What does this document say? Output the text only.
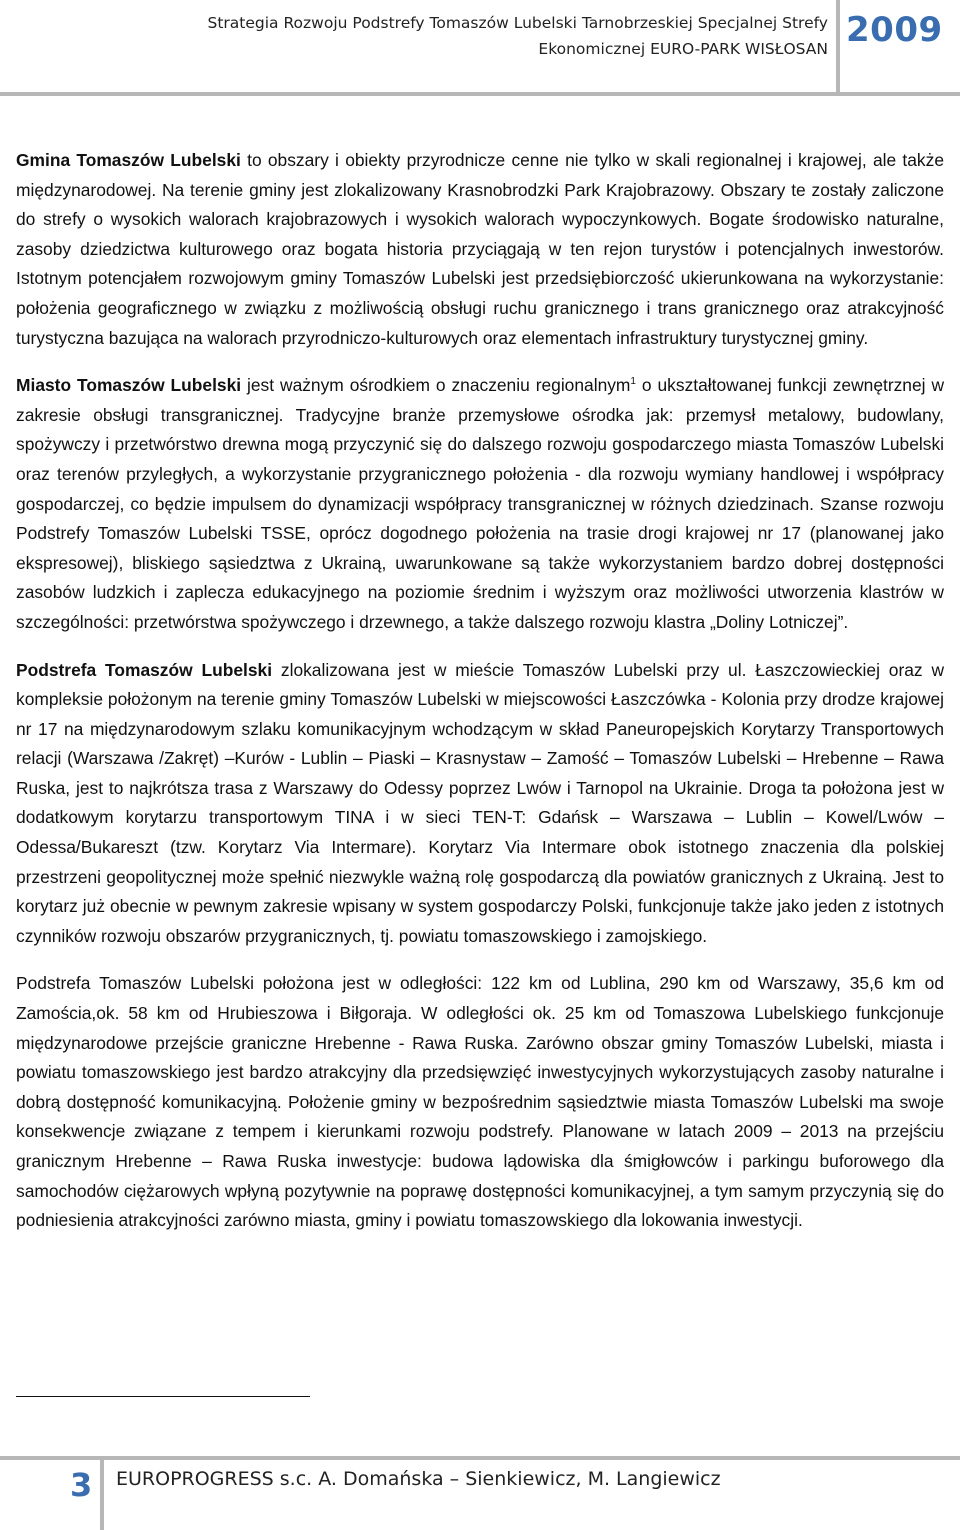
Strategia Rozwoju Podstrefy Tomaszów Lubelski Tarnobrzeskiej Specjalnej Strefy
Ekonomicznej EURO-PARK WISŁOSAN 2009

Gmina Tomaszów Lubelski to obszary i obiekty przyrodnicze cenne nie tylko w skali regionalnej i krajowej, ale także międzynarodowej. Na terenie gminy jest zlokalizowany Krasnobrodzki Park Krajobrazowy. Obszary te zostały zaliczone do strefy o wysokich walorach krajobrazowych i wysokich walorach wypoczynkowych. Bogate środowisko naturalne, zasoby dziedzictwa kulturowego oraz bogata historia przyciągają w ten rejon turystów i potencjalnych inwestorów. Istotnym potencjałem rozwojowym gminy Tomaszów Lubelski jest przedsiębiorczość ukierunkowana na wykorzystanie: położenia geograficznego w związku z możliwością obsługi ruchu granicznego i trans granicznego oraz atrakcyjność turystyczna bazująca na walorach przyrodniczo-kulturowych oraz elementach infrastruktury turystycznej gminy.

Miasto Tomaszów Lubelski jest ważnym ośrodkiem o znaczeniu regionalnym$^1$ o ukształtowanej funkcji zewnętrznej w zakresie obsługi transgranicznej. Tradycyjne branże przemysłowe ośrodka jak: przemysł metalowy, budowlany, spożywczy i przetwórstwo drewna mogą przyczynić się do dalszego rozwoju gospodarczego miasta Tomaszów Lubelski oraz terenów przyległych, a wykorzystanie przygranicznego położenia - dla rozwoju wymiany handlowej i współpracy gospodarczej, co będzie impulsem do dynamizacji współpracy transgranicznej w różnych dziedzinach. Szanse rozwoju Podstrefy Tomaszów Lubelski TSSE, oprócz dogodnego położenia na trasie drogi krajowej nr 17 (planowanej jako ekspresowej), bliskiego sąsiedztwa z Ukrainą, uwarunkowane są także wykorzystaniem bardzo dobrej dostępności zasobów ludzkich i zaplecza edukacyjnego na poziomie średnim i wyższym oraz możliwości utworzenia klastrów w szczególności: przetwórstwa spożywczego i drzewnego, a także dalszego rozwoju klastra „Doliny Lotniczej”.

Podstrefa Tomaszów Lubelski zlokalizowana jest w mieście Tomaszów Lubelski przy ul. Łaszczowieckiej oraz w kompleksie położonym na terenie gminy Tomaszów Lubelski w miejscowości Łaszczówka - Kolonia przy drodze krajowej nr 17 na międzynarodowym szlaku komunikacyjnym wchodzącym w skład Paneuropejskich Korytarzy Transportowych relacji (Warszawa /Zakręt) –Kurów - Lublin – Piaski – Krasnystaw – Zamość – Tomaszów Lubelski – Hrebenne – Rawa Ruska, jest to najkrótsza trasa z Warszawy do Odessy poprzez Lwów i Tarnopol na Ukrainie. Droga ta położona jest w dodatkowym korytarzu transportowym TINA i w sieci TEN-T: Gdańsk – Warszawa – Lublin – Kowel/Lwów – Odessa/Bukareszt (tzw. Korytarz Via Intermare). Korytarz Via Intermare obok istotnego znaczenia dla polskiej przestrzeni geopolitycznej może spełnić niezwykle ważną rolę gospodarczą dla powiatów granicznych z Ukrainą. Jest to korytarz już obecnie w pewnym zakresie wpisany w system gospodarczy Polski, funkcjonuje także jako jeden z istotnych czynników rozwoju obszarów przygranicznych, tj. powiatu tomaszowskiego i zamojskiego.

Podstrefa Tomaszów Lubelski położona jest w odległości: 122 km od Lublina, 290 km od Warszawy, 35,6 km od Zamościa,ok. 58 km od Hrubieszowa i Biłgoraja. W odległości ok. 25 km od Tomaszowa Lubelskiego funkcjonuje międzynarodowe przejście graniczne Hrebenne - Rawa Ruska. Zarówno obszar gminy Tomaszów Lubelski, miasta i powiatu tomaszowskiego jest bardzo atrakcyjny dla przedsięwzięć inwestycyjnych wykorzystujących zasoby naturalne i dobrą dostępność komunikacyjną. Położenie gminy w bezpośrednim sąsiedztwie miasta Tomaszów Lubelski ma swoje konsekwencje związane z tempem i kierunkami rozwoju podstrefy. Planowane w latach 2009 – 2013 na przejściu granicznym Hrebenne – Rawa Ruska inwestycje: budowa lądowiska dla śmigłowców i parkingu buforowego dla samochodów ciężarowych wpłyną pozytywnie na poprawę dostępności komunikacyjnej, a tym samym przyczynią się do podniesienia atrakcyjności zarówno miasta, gminy i powiatu tomaszowskiego dla lokowania inwestycji.

3 EUROPROGRESS s.c. A. Domańska – Sienkiewicz, M. Langiewicz
